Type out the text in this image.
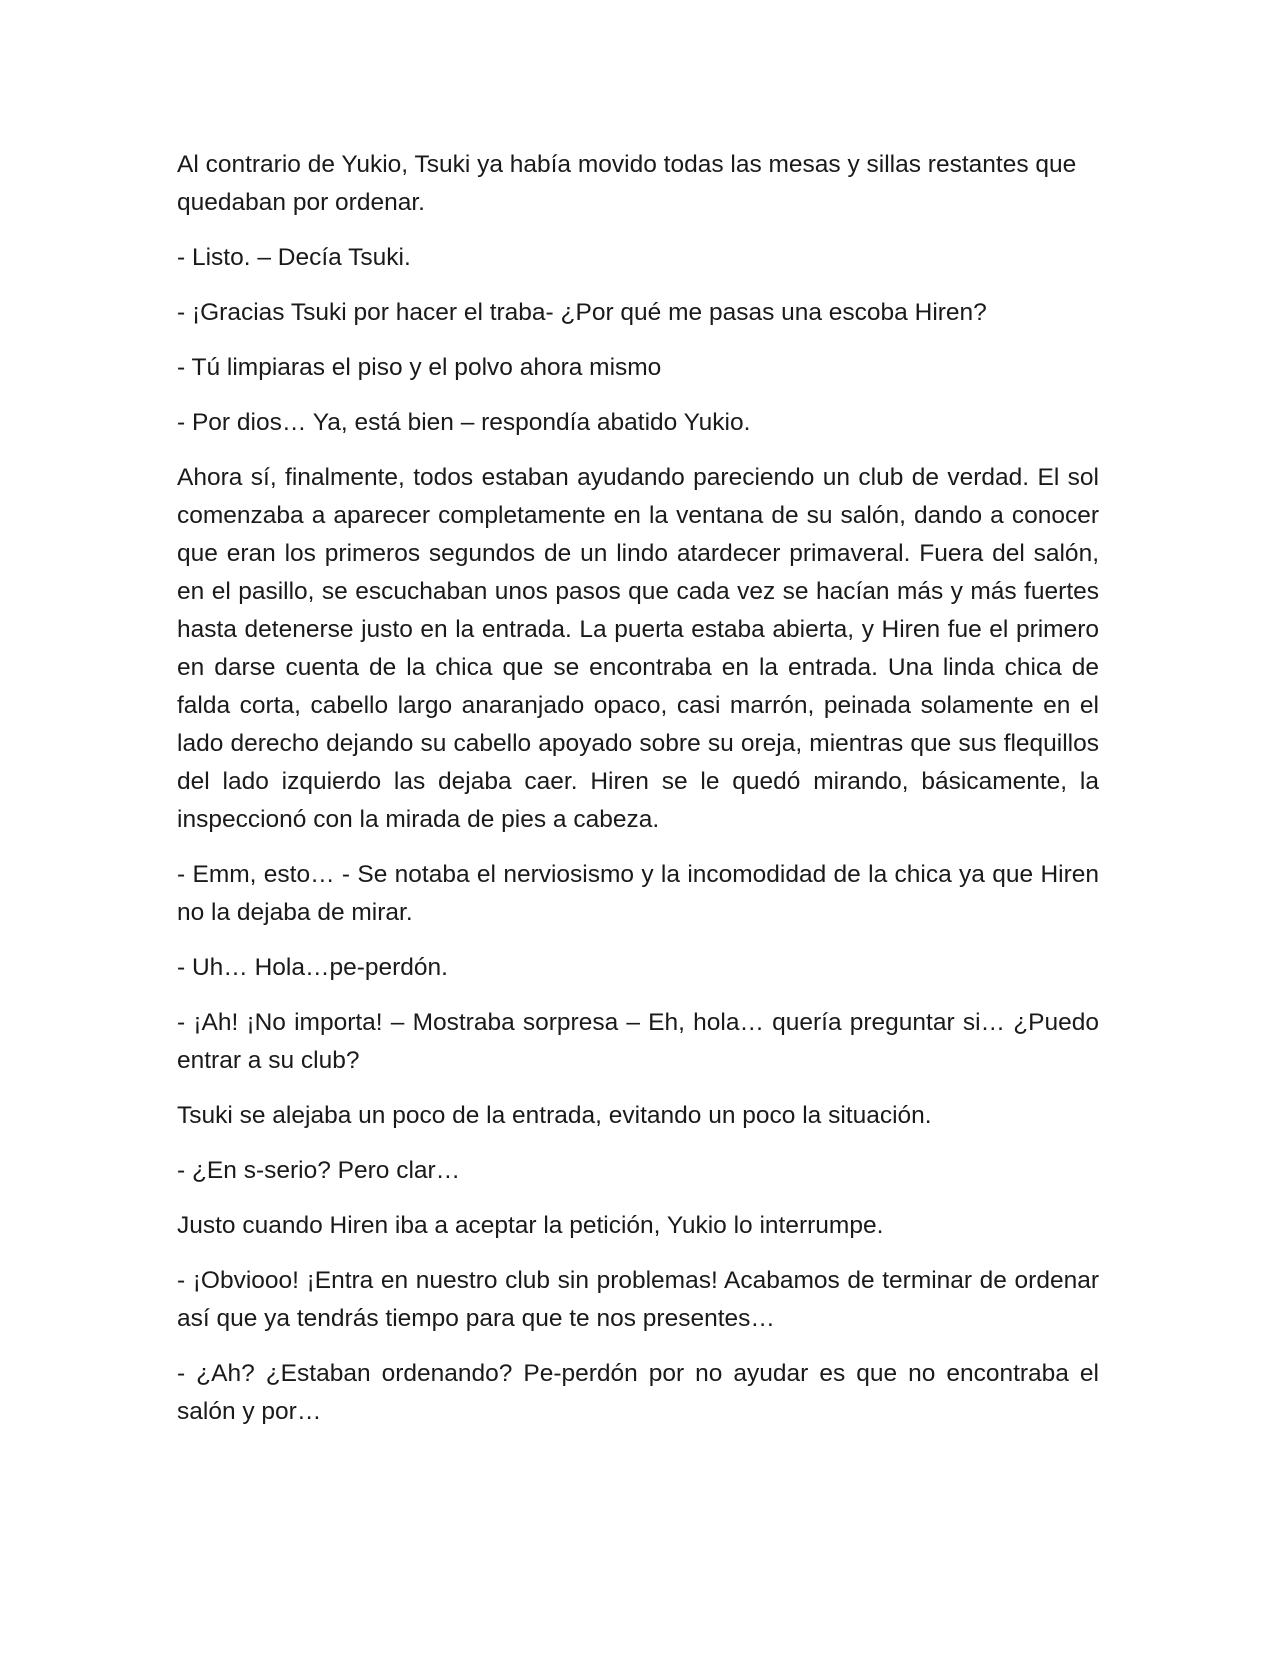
Al contrario de Yukio, Tsuki ya había movido todas las mesas y sillas restantes que quedaban por ordenar.

- Listo. – Decía Tsuki.

- ¡Gracias Tsuki por hacer el traba- ¿Por qué me pasas una escoba Hiren?

- Tú limpiaras el piso y el polvo ahora mismo

- Por dios… Ya, está bien – respondía abatido Yukio.

Ahora sí, finalmente, todos estaban ayudando pareciendo un club de verdad. El sol comenzaba a aparecer completamente en la ventana de su salón, dando a conocer que eran los primeros segundos de un lindo atardecer primaveral. Fuera del salón, en el pasillo, se escuchaban unos pasos que cada vez se hacían más y más fuertes hasta detenerse justo en la entrada. La puerta estaba abierta, y Hiren fue el primero en darse cuenta de la chica que se encontraba en la entrada. Una linda chica de falda corta, cabello largo anaranjado opaco, casi marrón, peinada solamente en el lado derecho dejando su cabello apoyado sobre su oreja, mientras que sus flequillos del lado izquierdo las dejaba caer. Hiren se le quedó mirando, básicamente, la inspeccionó con la mirada de pies a cabeza.

- Emm, esto… - Se notaba el nerviosismo y la incomodidad de la chica ya que Hiren no la dejaba de mirar.

- Uh… Hola…pe-perdón.

- ¡Ah! ¡No importa! – Mostraba sorpresa – Eh, hola… quería preguntar si… ¿Puedo entrar a su club?

Tsuki se alejaba un poco de la entrada, evitando un poco la situación.

- ¿En s-serio? Pero clar…

Justo cuando Hiren iba a aceptar la petición, Yukio lo interrumpe.

- ¡Obviooo! ¡Entra en nuestro club sin problemas! Acabamos de terminar de ordenar así que ya tendrás tiempo para que te nos presentes…

- ¿Ah? ¿Estaban ordenando? Pe-perdón por no ayudar es que no encontraba el salón y por…
